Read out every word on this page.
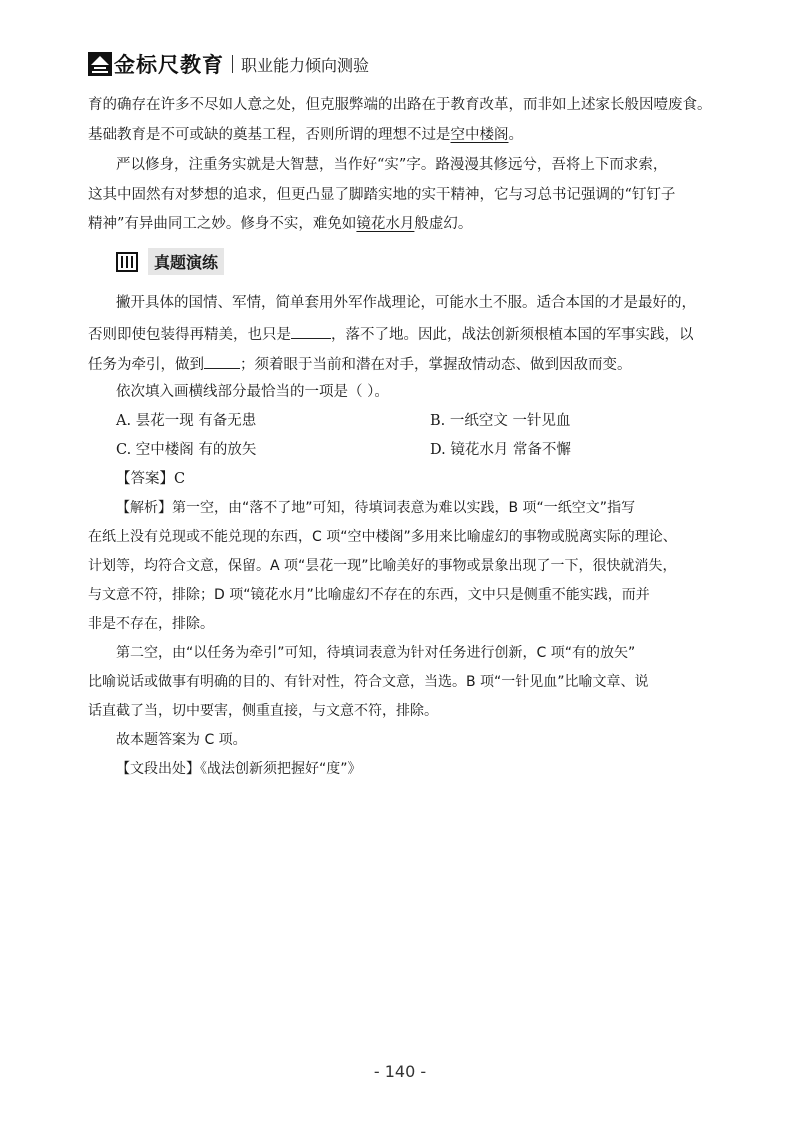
金标尺教育 职业能力倾向测验
育的确存在许多不尽如人意之处，但克服弊端的出路在于教育改革，而非如上述家长般因噎废食。
基础教育是不可或缺的奠基工程，否则所谓的理想不过是空中楼阁。
严以修身，注重务实就是大智慧，当作好“实”字。路漫漫其修远兮，吾将上下而求索，
这其中固然有对梦想的追求，但更凸显了脚踏实地的实干精神，它与习总书记强调的“钉钉子
精神”有异曲同工之妙。修身不实，难免如镜花水月般虚幻。
真题演练
撇开具体的国情、军情，简单套用外军作战理论，可能水土不服。适合本国的才是最好的，
否则即使包装得再精美，也只是	，落不了地。因此，战法创新须根植本国的军事实践，以
任务为牵引，做到 ；须着眼于当前和潜在对手，掌握敌情动态、做到因敌而变。
依次填入画横线部分最恰当的一项是（ ）。
A. 昙花一现 有备无患	B. 一纸空文 一针见血
C. 空中楼阁 有的放矢	D. 镜花水月 常备不懈
【答案】C
【解析】第一空，由“落不了地”可知，待填词表意为难以实践，B 项“一纸空文”指写
在纸上没有兑现或不能兑现的东西，C 项“空中楼阁”多用来比喻虚幻的事物或脱离实际的理论、
计划等，均符合文意，保留。A 项“昙花一现”比喻美好的事物或景象出现了一下，很快就消失，
与文意不符，排除；D 项“镜花水月”比喻虚幻不存在的东西，文中只是侧重不能实践，而并
非是不存在，排除。
第二空，由“以任务为牵引”可知，待填词表意为针对任务进行创新，C 项“有的放矢”
比喻说话或做事有明确的目的、有针对性，符合文意，当选。B 项“一针见血”比喻文章、说
话直截了当，切中要害，侧重直接，与文意不符，排除。
故本题答案为 C 项。
【文段出处】《战法创新须把握好“度”》
- 140 -
